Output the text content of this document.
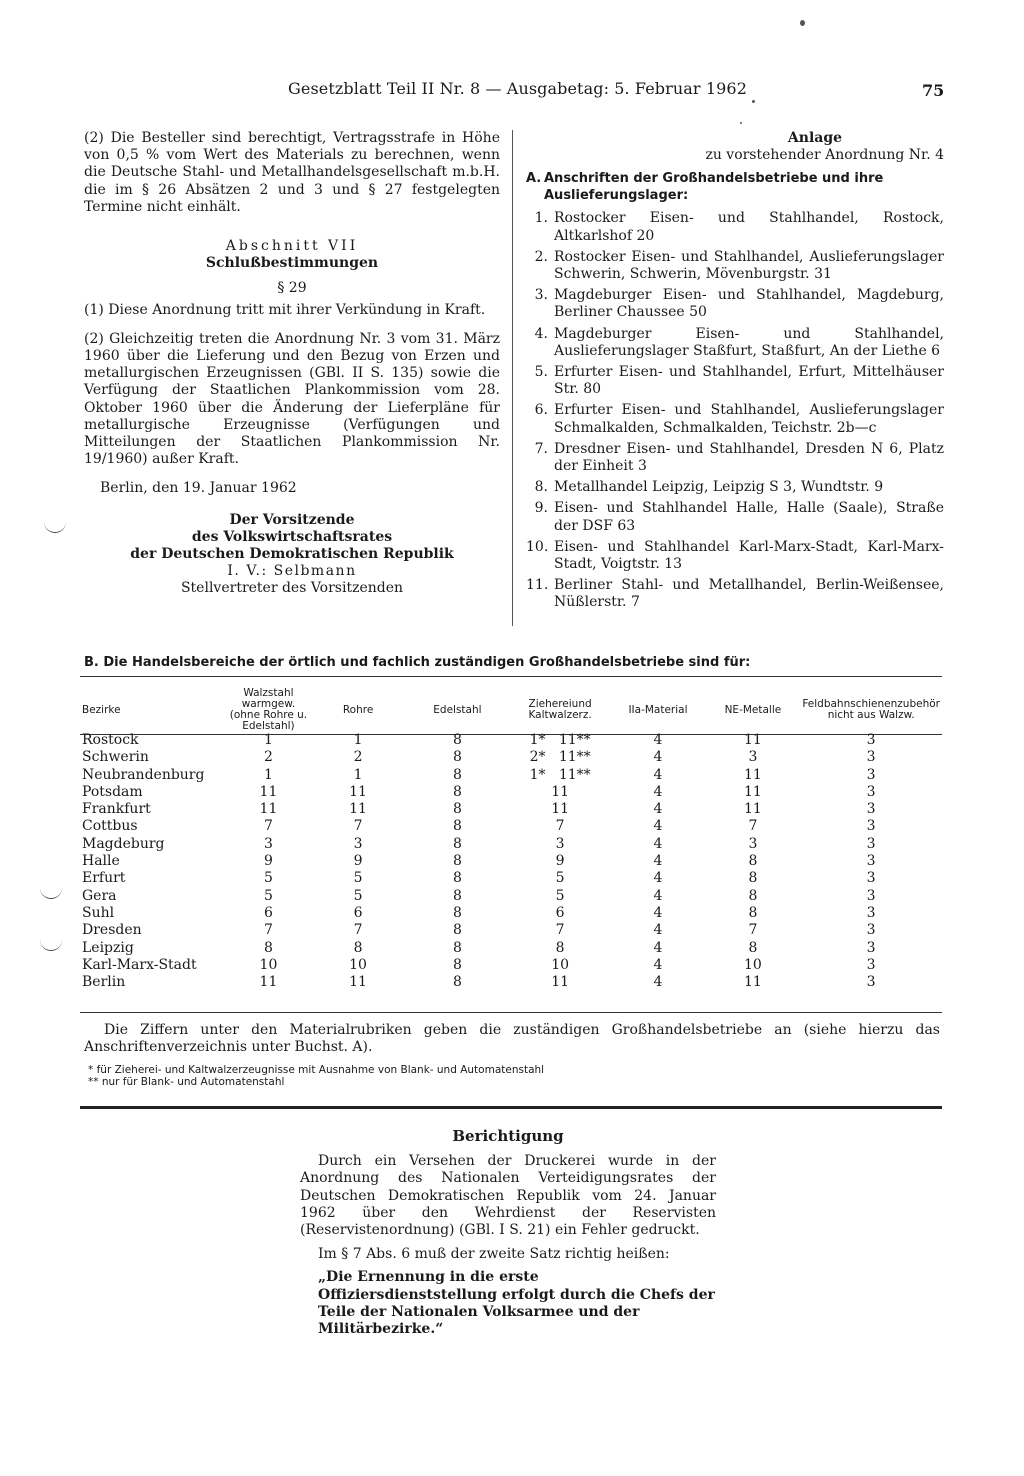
Gesetzblatt Teil II Nr. 8 — Ausgabetag: 5. Februar 1962	75

(2) Die Besteller sind berechtigt, Vertragsstrafe in Höhe von 0,5 % vom Wert des Materials zu berechnen, wenn die Deutsche Stahl- und Metallhandelsgesellschaft m.b.H. die im § 26 Absätzen 2 und 3 und § 27 festgelegten Termine nicht einhält.

Abschnitt VII

Schlußbestimmungen

§ 29

(1) Diese Anordnung tritt mit ihrer Verkündung in Kraft.

(2) Gleichzeitig treten die Anordnung Nr. 3 vom 31. März 1960 über die Lieferung und den Bezug von Erzen und metallurgischen Erzeugnissen (GBl. II S. 135) sowie die Verfügung der Staatlichen Plankommission vom 28. Oktober 1960 über die Änderung der Lieferpläne für metallurgische Erzeugnisse (Verfügungen und Mitteilungen der Staatlichen Plankommission Nr. 19/1960) außer Kraft.

Berlin, den 19. Januar 1962

Der Vorsitzende

des Volkswirtschaftsrates

der Deutschen Demokratischen Republik

I. V.: Selbmann

Stellvertreter des Vorsitzenden

Anlage

zu vorstehender Anordnung Nr. 4

A. Anschriften der Großhandelsbetriebe und ihre Auslieferungslager:
1. Rostocker Eisen- und Stahlhandel, Rostock, Altkarlshof 20
2. Rostocker Eisen- und Stahlhandel, Auslieferungslager Schwerin, Schwerin, Mövenburgstr. 31
3. Magdeburger Eisen- und Stahlhandel, Magdeburg, Berliner Chaussee 50
4. Magdeburger Eisen- und Stahlhandel, Auslieferungslager Staßfurt, Staßfurt, An der Liethe 6
5. Erfurter Eisen- und Stahlhandel, Erfurt, Mittelhäuser Str. 80
6. Erfurter Eisen- und Stahlhandel, Auslieferungslager Schmalkalden, Schmalkalden, Teichstr. 2b—c
7. Dresdner Eisen- und Stahlhandel, Dresden N 6, Platz der Einheit 3
8. Metallhandel Leipzig, Leipzig S 3, Wundtstr. 9
9. Eisen- und Stahlhandel Halle, Halle (Saale), Straße der DSF 63
10. Eisen- und Stahlhandel Karl-Marx-Stadt, Karl-Marx-Stadt, Voigtstr. 13
11. Berliner Stahl- und Metallhandel, Berlin-Weißensee, Nüßlerstr. 7
B. Die Handelsbereiche der örtlich und fachlich zuständigen Großhandelsbetriebe sind für:
Bezirke	Walzstahl warmgew. (ohne Rohre u. Edelstahl)	Rohre	Edelstahl	Ziehereiund Kaltwalzerz.	IIa-Material	NE-Metalle	Feldbahnschienenzubehör nicht aus Walzw.
Rostock	1	1	8	1*   11**	4	11	3
Schwerin	2	2	8	2*   11**	4	3	3
Neubrandenburg	1	1	8	1*   11**	4	11	3
Potsdam	11	11	8	11	4	11	3
Frankfurt	11	11	8	11	4	11	3
Cottbus	7	7	8	7	4	7	3
Magdeburg	3	3	8	3	4	3	3
Halle	9	9	8	9	4	8	3
Erfurt	5	5	8	5	4	8	3
Gera	5	5	8	5	4	8	3
Suhl	6	6	8	6	4	8	3
Dresden	7	7	8	7	4	7	3
Leipzig	8	8	8	8	4	8	3
Karl-Marx-Stadt	10	10	8	10	4	10	3
Berlin	11	11	8	11	4	11	3

Die Ziffern unter den Materialrubriken geben die zuständigen Großhandelsbetriebe an (siehe hierzu das Anschriftenverzeichnis unter Buchst. A).

* für Zieherei- und Kaltwalzerzeugnisse mit Ausnahme von Blank- und Automatenstahl
** nur für Blank- und Automatenstahl

Berichtigung

Durch ein Versehen der Druckerei wurde in der Anordnung des Nationalen Verteidigungsrates der Deutschen Demokratischen Republik vom 24. Januar 1962 über den Wehrdienst der Reservisten (Reservistenordnung) (GBl. I S. 21) ein Fehler gedruckt.

Im § 7 Abs. 6 muß der zweite Satz richtig heißen:

„Die Ernennung in die erste Offiziersdienststellung erfolgt durch die Chefs der Teile der Nationalen Volksarmee und der Militärbezirke.“
